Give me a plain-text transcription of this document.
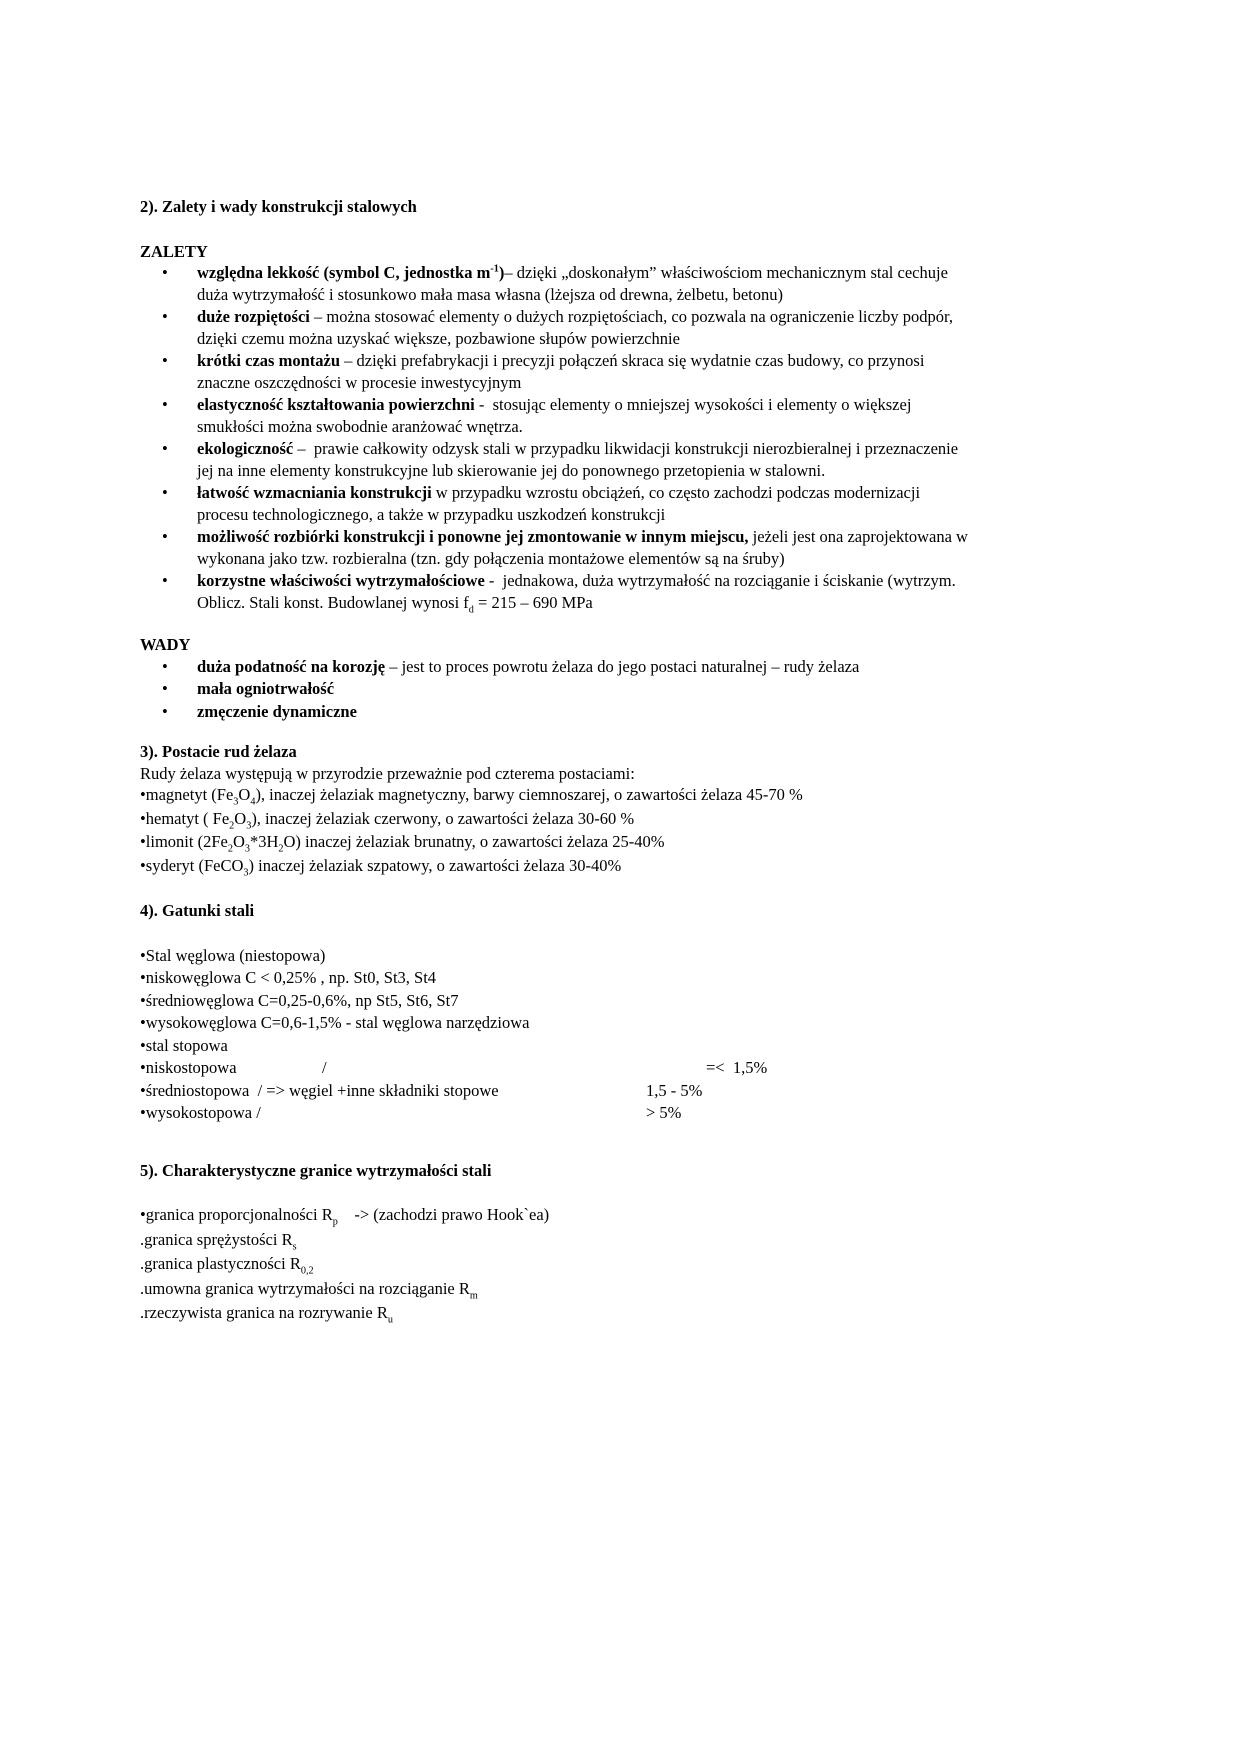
2). Zalety i wady konstrukcji stalowych
ZALETY
• względna lekkość (symbol C, jednostka $m^{-1})-$ dzięki „doskonałym” właściwościom mechanicznym stal cechuje duża wytrzymałość i stosunkowo mała masa własna (lżejsza od drewna, żelbetu, betonu)
• duże rozpiętości – można stosować elementy o dużych rozpiętościach, co pozwala na ograniczenie liczby podpór, dzięki czemu można uzyskać większe, pozbawione słupów powierzchnie
• krótki czas montażu – dzięki prefabrykacji i precyzji połączeń skraca się wydatnie czas budowy, co przynosi znaczne oszczędności w procesie inwestycyjnym
• elastyczność kształtowania powierzchni -  stosując elementy o mniejszej wysokości i elementy o większej smukłości można swobodnie aranżować wnętrza.
• ekologiczność –  prawie całkowity odzysk stali w przypadku likwidacji konstrukcji nierozbieralnej i przeznaczenie jej na inne elementy konstrukcyjne lub skierowanie jej do ponownego przetopienia w stalowni.
• łatwość wzmacniania konstrukcji w przypadku wzrostu obciążeń, co często zachodzi podczas modernizacji procesu technologicznego, a także w przypadku uszkodzeń konstrukcji
• możliwość rozbiórki konstrukcji i ponowne jej zmontowanie w innym miejscu, jeżeli jest ona zaprojektowana w wykonana jako tzw. rozbieralna (tzn. gdy połączenia montażowe elementów są na śruby)
• korzystne właściwości wytrzymałościowe -  jednakowa, duża wytrzymałość na rozciąganie i ściskanie (wytrzym. Oblicz. Stali konst. Budowlanej wynosi $f_d = 215 - 690$ MPa
WADY
• duża podatność na korozję – jest to proces powrotu żelaza do jego postaci naturalnej – rudy żelaza
• mała ogniotrwałość
• zmęczenie dynamiczne
3). Postacie rud żelaza
Rudy żelaza występują w przyrodzie przeważnie pod czterema postaciami:
•magnetyt $(Fe_3O_4)$, inaczej żelaziak magnetyczny, barwy ciemnoszarej, o zawartości żelaza 45-70 %
•hematyt ( $Fe_2O_3$), inaczej żelaziak czerwony, o zawartości żelaza 30-60 %
•limonit $(2Fe_2O_3*3H_2O)$ inaczej żelaziak brunatny, o zawartości żelaza 25-40%
•syderyt (FeCO$_3$) inaczej żelaziak szpatowy, o zawartości żelaza 30-40%
4). Gatunki stali
•Stal węglowa (niestopowa)
•niskowęglowa C < 0,25% , np. St0, St3, St4
•średniowęglowa C=0,25-0,6%, np St5, St6, St7
•wysokowęglowa C=0,6-1,5% - stal węglowa narzędziowa
•stal stopowa
•niskostopowa	/	=<  1,5%
•średniostopowa  / => węgiel +inne składniki stopowe	1,5 - 5%
•wysokostopowa /	> 5%
5). Charakterystyczne granice wytrzymałości stali
•granica proporcjonalności $R_p$    -> (zachodzi prawo Hook`ea)
.granica sprężystości $R_s$
.granica plastyczności $R_{0,2}$
.umowna granica wytrzymałości na rozciąganie $R_m$
.rzeczywista granica na rozrywanie $R_u$
